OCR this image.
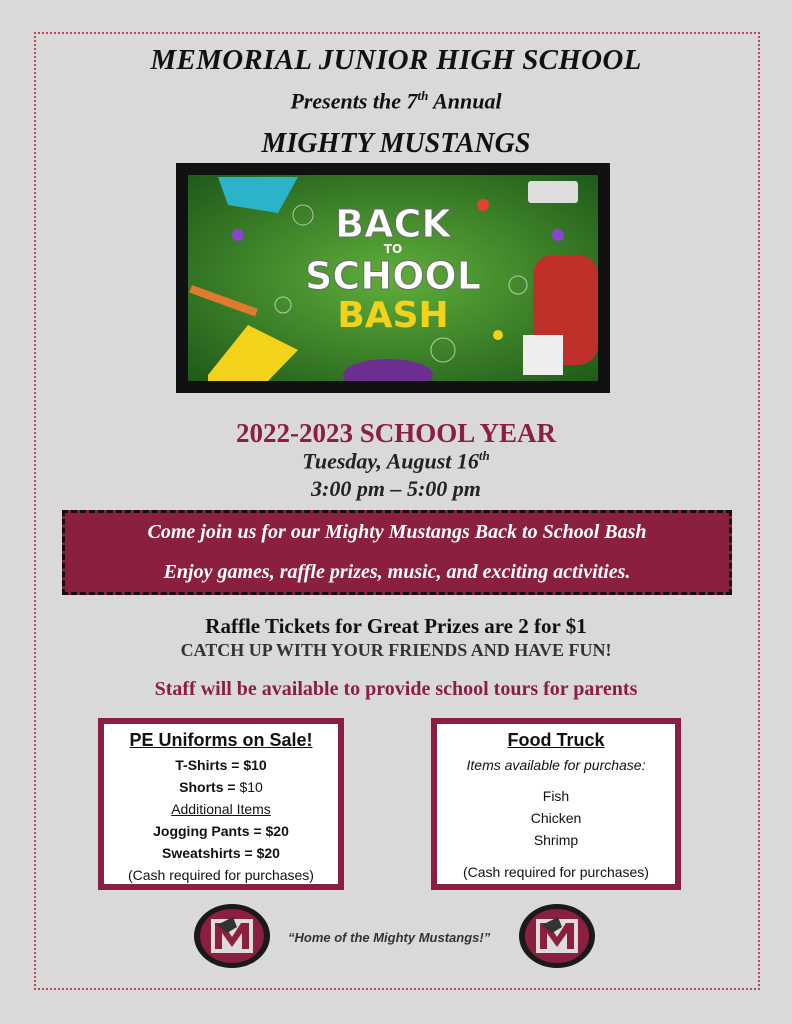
MEMORIAL JUNIOR HIGH SCHOOL
Presents the 7th Annual
MIGHTY MUSTANGS
BACK
TO
SCHOOL
BASH
2022-2023 SCHOOL YEAR
Tuesday, August 16th
3:00 pm – 5:00 pm
Come join us for our Mighty Mustangs Back to School Bash
Enjoy games, raffle prizes, music, and exciting activities.
Raffle Tickets for Great Prizes are 2 for $1
CATCH UP WITH YOUR FRIENDS AND HAVE FUN!
Staff will be available to provide school tours for parents
PE Uniforms on Sale!
T-Shirts = $10
Shorts = $10
Additional Items
Jogging Pants = $20
Sweatshirts = $20
(Cash required for purchases)
Food Truck
Items available for purchase:
Fish
Chicken
Shrimp
(Cash required for purchases)
“Home of the Mighty Mustangs!”
